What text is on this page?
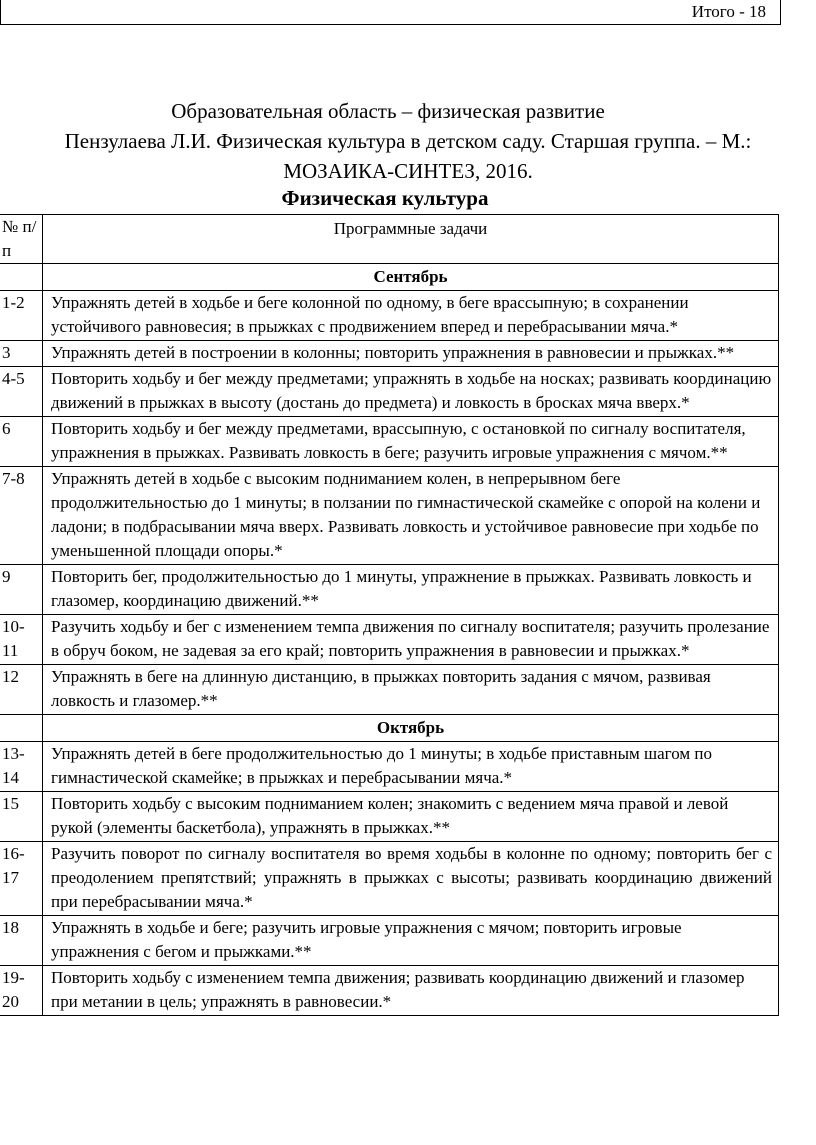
Итого - 18
Образовательная область – физическая развитие
Пензулаева Л.И. Физическая культура в детском саду. Старшая группа. – М.:
МОЗАИКА-СИНТЕЗ, 2016.
Физическая культура
№ п/п	Программные задачи
	Сентябрь
1-2	Упражнять детей в ходьбе и беге колонной по одному, в беге врассыпную; в сохранении устойчивого равновесия; в прыжках с продвижением вперед и перебрасывании мяча.*
3	Упражнять детей в построении в колонны; повторить упражнения в равновесии и прыжках.**
4-5	Повторить ходьбу и бег между предметами; упражнять в ходьбе на носках; развивать координацию движений в прыжках в высоту (достань до предмета) и ловкость в бросках мяча вверх.*
6	Повторить ходьбу и бег между предметами, врассыпную, с остановкой по сигналу воспитателя, упражнения в прыжках. Развивать ловкость в беге; разучить игровые упражнения с мячом.**
7-8	Упражнять детей в ходьбе с высоким подниманием колен, в непрерывном беге продолжительностью до 1 минуты; в ползании по гимнастической скамейке с опорой на колени и ладони; в подбрасывании мяча вверх. Развивать ловкость и устойчивое равновесие при ходьбе по уменьшенной площади опоры.*
9	Повторить бег, продолжительностью до 1 минуты, упражнение в прыжках. Развивать ловкость и глазомер, координацию движений.**
10-11	Разучить ходьбу и бег с изменением темпа движения по сигналу воспитателя; разучить пролезание в обруч боком, не задевая за его край; повторить упражнения в равновесии и прыжках.*
12	Упражнять в беге на длинную дистанцию, в прыжках повторить задания с мячом, развивая ловкость и глазомер.**
	Октябрь
13-14	Упражнять детей в беге продолжительностью до 1 минуты; в ходьбе приставным шагом по гимнастической скамейке; в прыжках и перебрасывании мяча.*
15	Повторить ходьбу с высоким подниманием колен; знакомить с ведением мяча правой и левой рукой (элементы баскетбола), упражнять в прыжках.**
16-17	Разучить поворот по сигналу воспитателя во время ходьбы в колонне по одному; повторить бег с преодолением препятствий; упражнять в прыжках с высоты; развивать координацию движений при перебрасывании мяча.*
18	Упражнять в ходьбе и беге; разучить игровые упражнения с мячом; повторить игровые упражнения с бегом и прыжками.**
19-20	Повторить ходьбу с изменением темпа движения; развивать координацию движений и глазомер при метании в цель; упражнять в равновесии.*
